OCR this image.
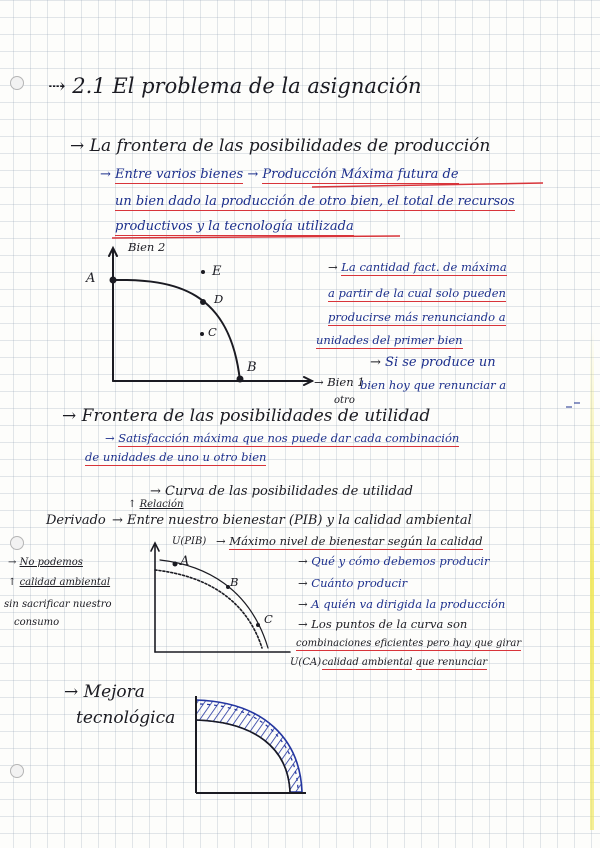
⇢ 2.1 El problema de la asignación
→ La frontera de las posibilidades de producción
→ Entre varios bienes → Producción Máxima futura de
un bien dado la producción de otro bien, el total de recursos
productivos y la tecnología utilizada
Bien 2
A
B
C
D
E
→ Bien 1
→ La cantidad fact. de máxima
a partir de la cual solo pueden
producirse más renunciando a
unidades del primer bien
→ Si se produce un
bien hoy que renunciar a
otro
→ Frontera de las posibilidades de utilidad
→ Satisfacción máxima que nos puede dar cada combinación
de unidades de uno u otro bien
→ Curva de las posibilidades de utilidad
↑ Relación
Derivado → Entre nuestro bienestar (PIB) y la calidad ambiental
U(PIB) → Máximo nivel de bienestar según la calidad
A
B
C
→ Qué y cómo debemos producir
→ Cuánto producir
→ A quién va dirigida la producción
→ Los puntos de la curva son
combinaciones eficientes pero hay que girar
U(CA) calidad ambiental que renunciar
→ No podemos
↑ calidad ambiental
sin sacrificar nuestro
consumo
→ Mejora
tecnológica
